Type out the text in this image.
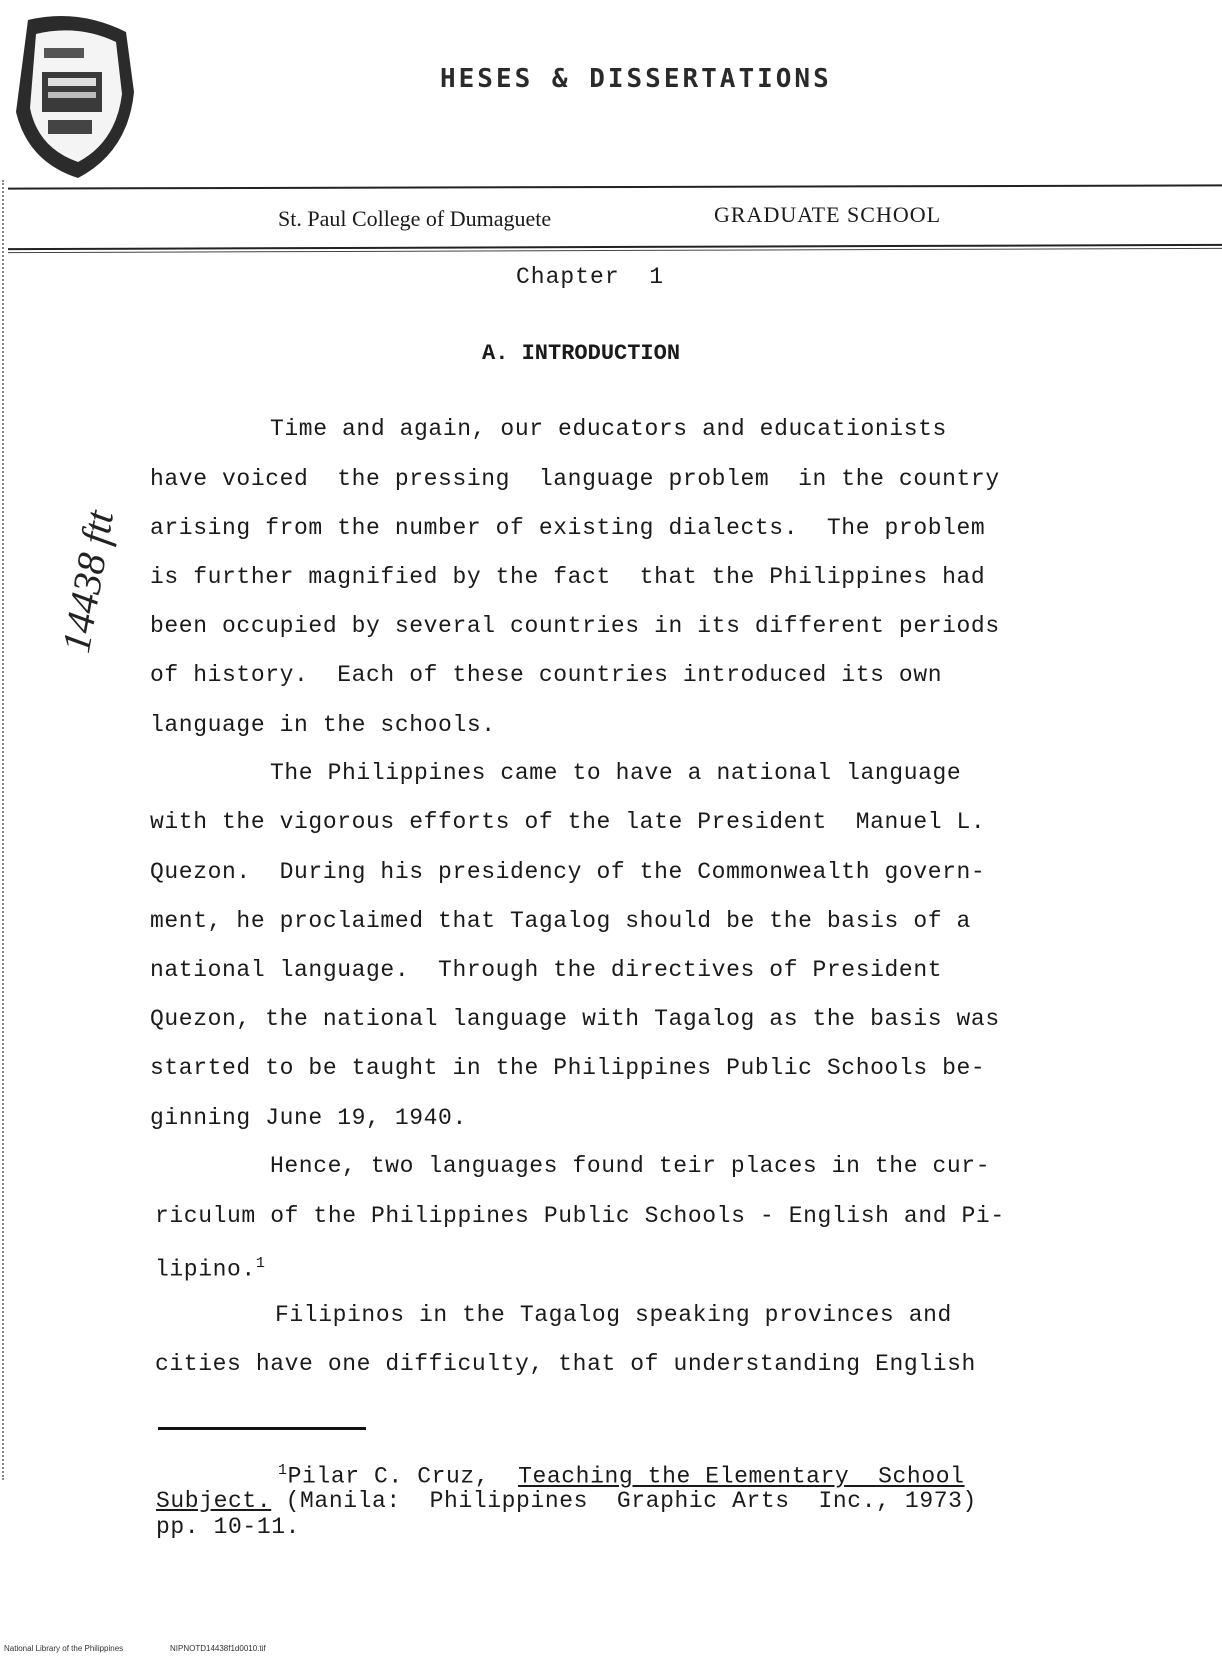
HESES & DISSERTATIONS
St. Paul College of Dumaguete	GRADUATE SCHOOL
Chapter 1
A. INTRODUCTION
14438 ftt
Time and again, our educators and educationists
have voiced  the pressing  language problem  in the country
arising from the number of existing dialects.  The problem
is further magnified by the fact  that the Philippines had
been occupied by several countries in its different periods
of history.  Each of these countries introduced its own
language in the schools.
The Philippines came to have a national language
with the vigorous efforts of the late President  Manuel L.
Quezon.  During his presidency of the Commonwealth govern-
ment, he proclaimed that Tagalog should be the basis of a
national language.  Through the directives of President
Quezon, the national language with Tagalog as the basis was
started to be taught in the Philippines Public Schools be-
ginning June 19, 1940.
Hence, two languages found teir places in the cur-
riculum of the Philippines Public Schools - English and Pi-
lipino.$^1$
Filipinos in the Tagalog speaking provinces and
cities have one difficulty, that of understanding English
$^1$Pilar C. Cruz, Teaching the Elementary  School
Subject. (Manila:  Philippines  Graphic Arts  Inc., 1973)
pp. 10-11.
National Library of the Philippines	NIPNOTD14438f1d0010.tif
